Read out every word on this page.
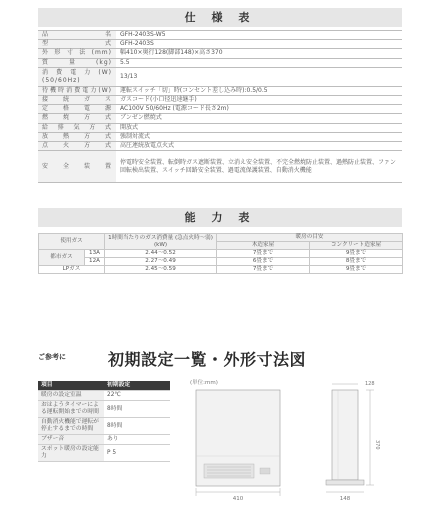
仕 様 表
品名	GFH-2403S-W5
型式	GFH-2403S
外形寸法(mm)	幅410×奥行128(脚部148)×高さ370
質量(kg)	5.5
消費電力(W)(50/60Hz)	13/13
待機時消費電力(W)	運転スイッチ「切」時(コンセント差し込み時):0.5/0.5
接続ガス	ガスコード(小口径迅速継手)
定格電源	AC100V 50/60Hz (電源コード長さ2m)
燃焼方式	ブンゼン燃焼式
給排気方式	開放式
放熱方式	強制対流式
点火方式	高圧連続放電点火式
安全装置	停電時安全装置、転倒時ガス遮断装置、立消え安全装置、不完全燃焼防止装置、過熱防止装置、ファン回転検出装置、スイッチ回路安全装置、過電流保護装置、自動消火機能
能 力 表
使用ガス		1時間当たりのガス消費量 (急点火時～弱) (kW)	暖房の目安	
			木造家屋	コンクリート造家屋
都市ガス	13A	2.44～0.52	7畳まで	9畳まで
	12A	2.27～0.49	6畳まで	8畳まで
LPガス		2.45～0.59	7畳まで	9畳まで
ご参考に	初期設定一覧・外形寸法図
項目	初期設定
暖房の設定室温	22℃
おはようタイマーによる運転開始までの時間	8時間
自動消火機能で運転が停止するまでの時間	8時間
ブザー音	あり
スポット暖房の設定能力	P 5
(単位:mm)
410
128
370
148
